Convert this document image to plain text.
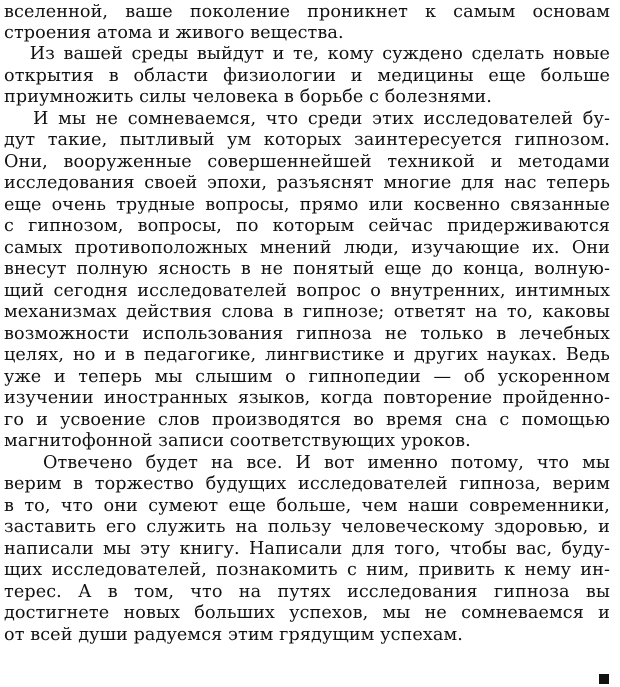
вселенной, ваше поколение проникнет к самым основам
строения атома и живого вещества.
Из вашей среды выйдут и те, кому суждено сделать новые
открытия в области физиологии и медицины еще больше
приумножить силы человека в борьбе с болезнями.
И мы не сомневаемся, что среди этих исследователей бу-
дут такие, пытливый ум которых заинтересуется гипнозом.
Они, вооруженные совершеннейшей техникой и методами
исследования своей эпохи, разъяснят многие для нас теперь
еще очень трудные вопросы, прямо или косвенно связанные
с гипнозом, вопросы, по которым сейчас придерживаются
самых противоположных мнений люди, изучающие их. Они
внесут полную ясность в не понятый еще до конца, волную-
щий сегодня исследователей вопрос о внутренних, интимных
механизмах действия слова в гипнозе; ответят на то, каковы
возможности использования гипноза не только в лечебных
целях, но и в педагогике, лингвистике и других науках. Ведь
уже и теперь мы слышим о гипнопедии — об ускоренном
изучении иностранных языков, когда повторение пройденно-
го и усвоение слов производятся во время сна с помощью
магнитофонной записи соответствующих уроков.
Отвечено будет на все. И вот именно потому, что мы
верим в торжество будущих исследователей гипноза, верим
в то, что они сумеют еще больше, чем наши современники,
заставить его служить на пользу человеческому здоровью, и
написали мы эту книгу. Написали для того, чтобы вас, буду-
щих исследователей, познакомить с ним, привить к нему ин-
терес. А в том, что на путях исследования гипноза вы
достигнете новых больших успехов, мы не сомневаемся и
от всей души радуемся этим грядущим успехам.
